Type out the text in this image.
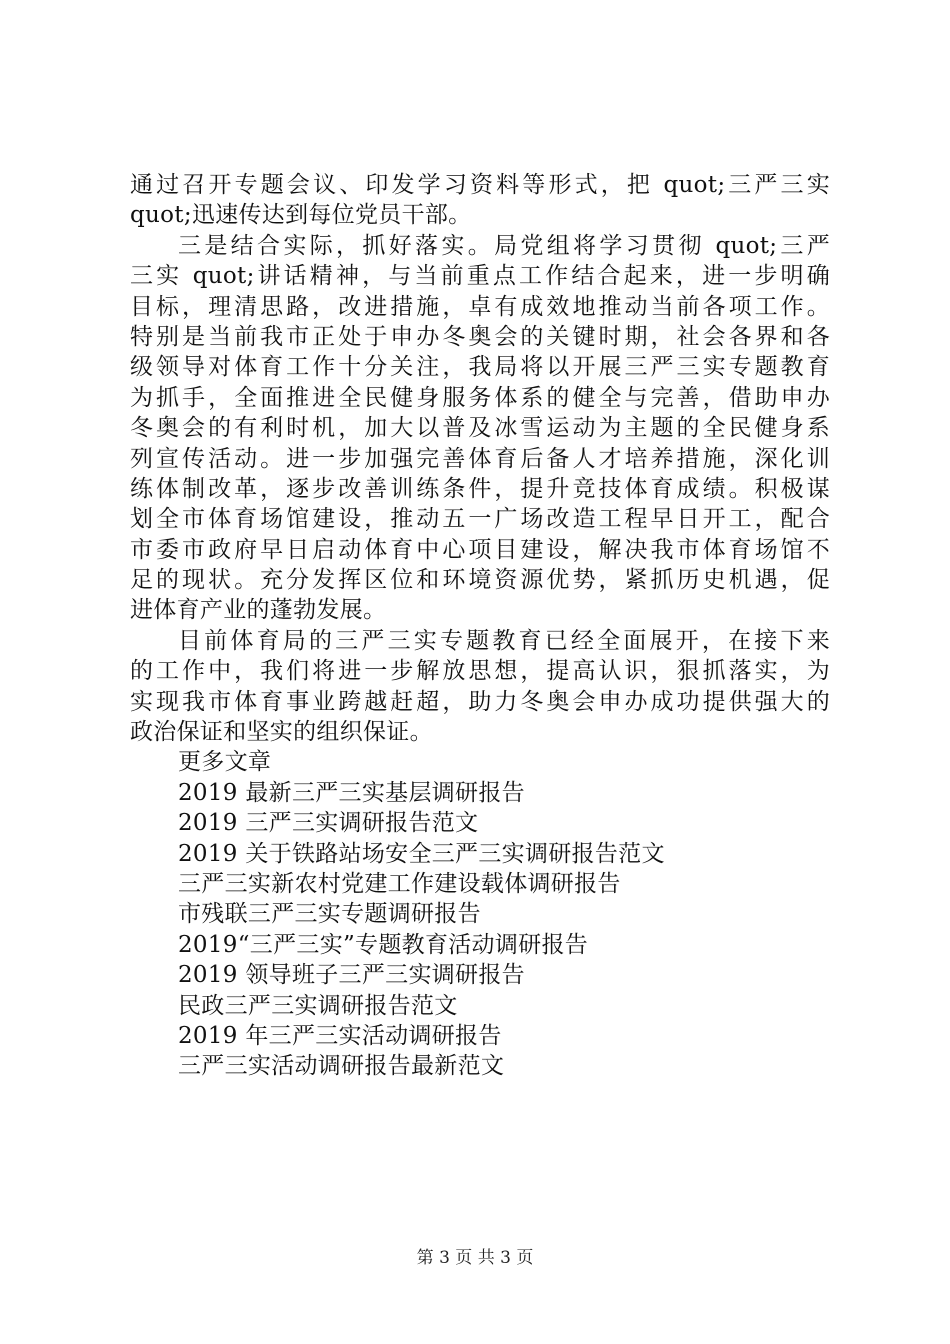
通过召开专题会议、印发学习资料等形式，把 quot;三严三实
quot;迅速传达到每位党员干部。
三是结合实际，抓好落实。局党组将学习贯彻 quot;三严
三实 quot;讲话精神，与当前重点工作结合起来，进一步明确
目标，理清思路，改进措施，卓有成效地推动当前各项工作。
特别是当前我市正处于申办冬奥会的关键时期，社会各界和各
级领导对体育工作十分关注，我局将以开展三严三实专题教育
为抓手，全面推进全民健身服务体系的健全与完善，借助申办
冬奥会的有利时机，加大以普及冰雪运动为主题的全民健身系
列宣传活动。进一步加强完善体育后备人才培养措施，深化训
练体制改革，逐步改善训练条件，提升竞技体育成绩。积极谋
划全市体育场馆建设，推动五一广场改造工程早日开工，配合
市委市政府早日启动体育中心项目建设，解决我市体育场馆不
足的现状。充分发挥区位和环境资源优势，紧抓历史机遇，促
进体育产业的蓬勃发展。
目前体育局的三严三实专题教育已经全面展开，在接下来
的工作中，我们将进一步解放思想，提高认识，狠抓落实，为
实现我市体育事业跨越赶超，助力冬奥会申办成功提供强大的
政治保证和坚实的组织保证。
更多文章
2019 最新三严三实基层调研报告
2019 三严三实调研报告范文
2019 关于铁路站场安全三严三实调研报告范文
三严三实新农村党建工作建设载体调研报告
市残联三严三实专题调研报告
2019“三严三实”专题教育活动调研报告
2019 领导班子三严三实调研报告
民政三严三实调研报告范文
2019 年三严三实活动调研报告
三严三实活动调研报告最新范文
第 3 页 共 3 页
